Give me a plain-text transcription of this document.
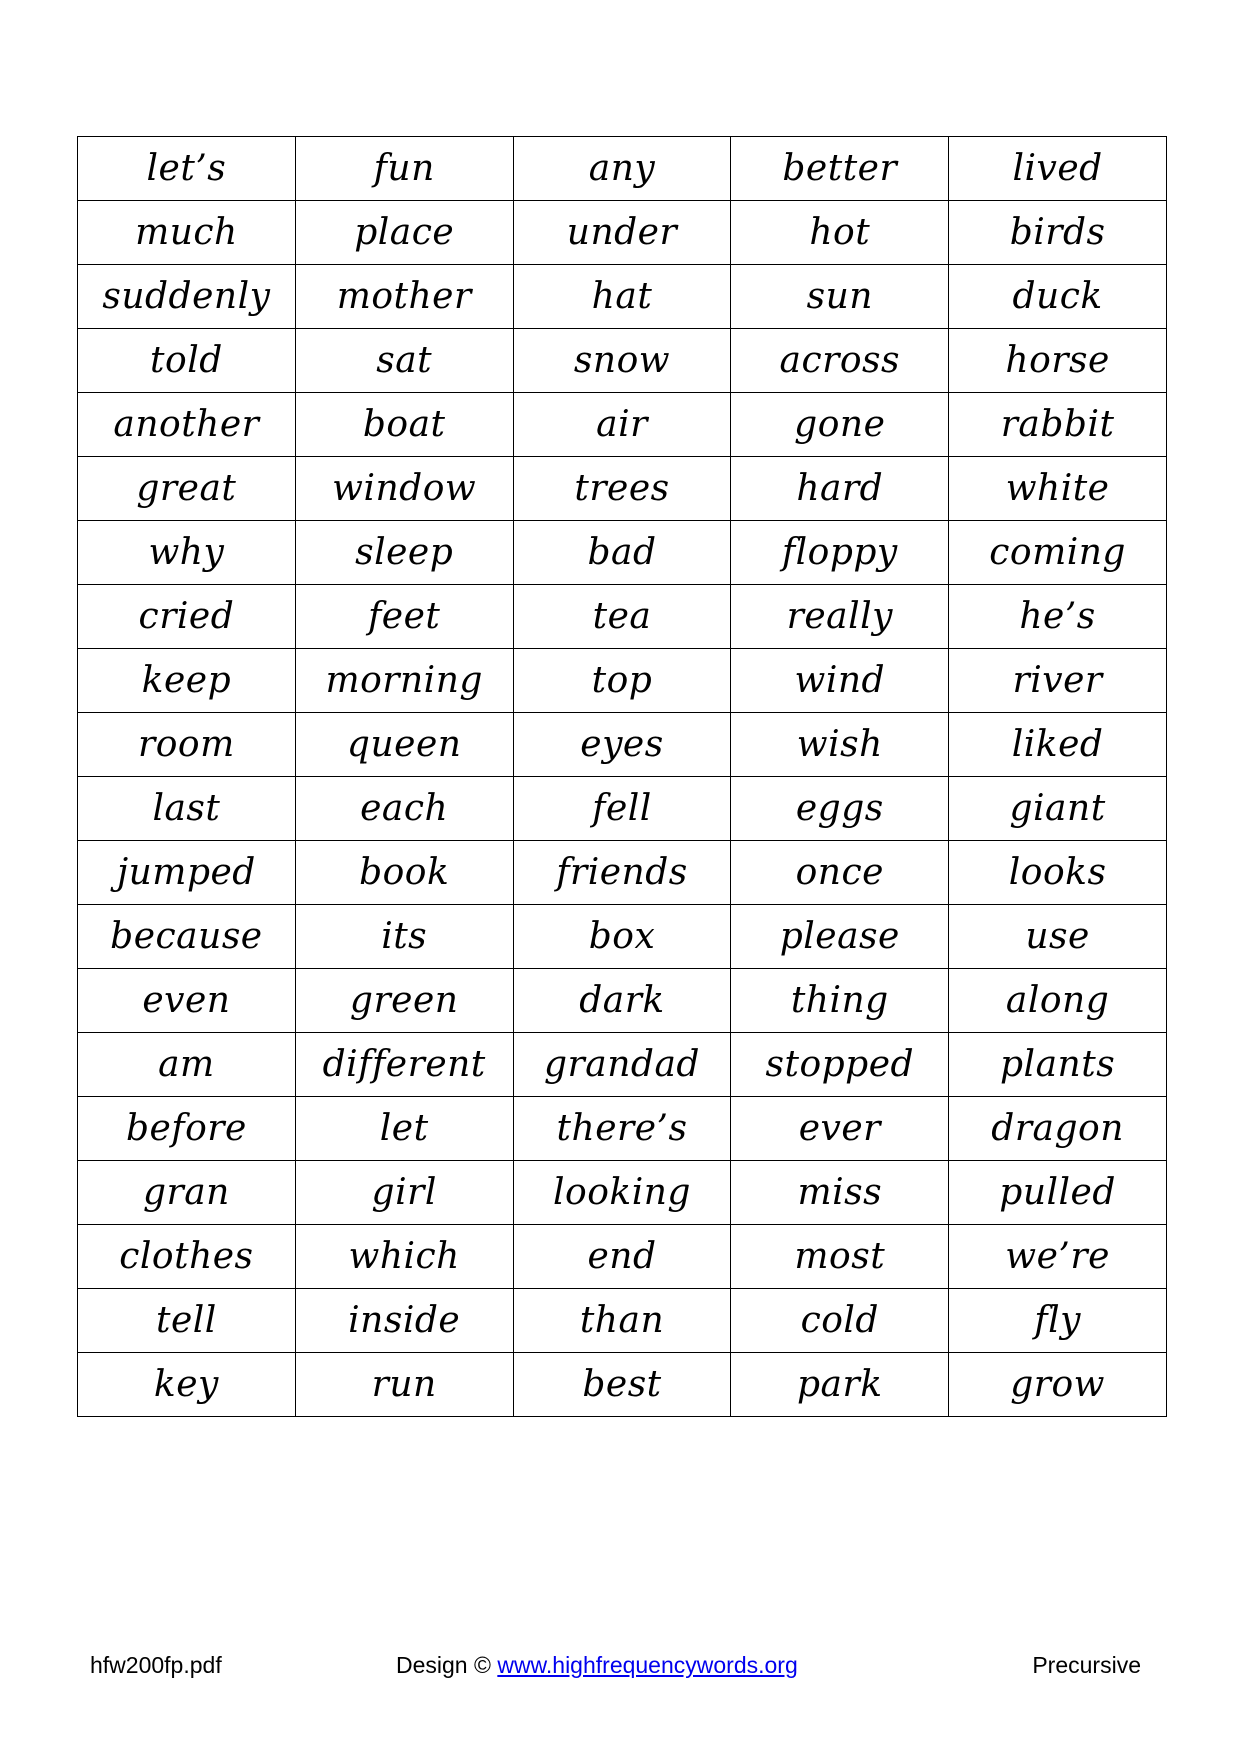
let’s	fun	any	better	lived
much	place	under	hot	birds
suddenly	mother	hat	sun	duck
told	sat	snow	across	horse
another	boat	air	gone	rabbit
great	window	trees	hard	white
why	sleep	bad	floppy	coming
cried	feet	tea	really	he’s
keep	morning	top	wind	river
room	queen	eyes	wish	liked
last	each	fell	eggs	giant
jumped	book	friends	once	looks
because	its	box	please	use
even	green	dark	thing	along
am	different	grandad	stopped	plants
before	let	there’s	ever	dragon
gran	girl	looking	miss	pulled
clothes	which	end	most	we’re
tell	inside	than	cold	fly
key	run	best	park	grow
hfw200fp.pdf	Design © www.highfrequencywords.org	Precursive
